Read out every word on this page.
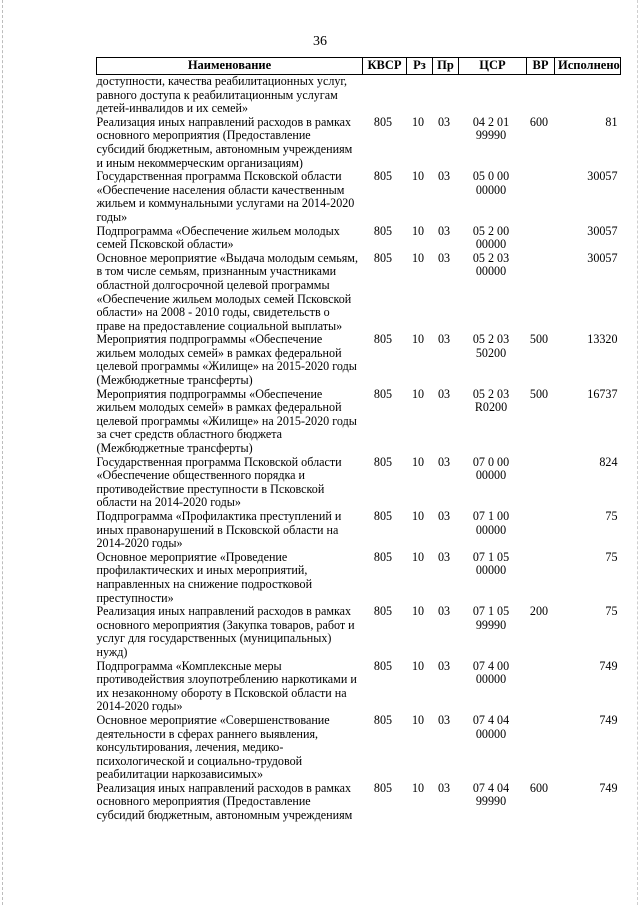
36
Наименование	КВСР	Рз	Пр	ЦСР	ВР	Исполнено
доступности, качества реабилитационных услуг, равного доступа к реабилитационным услугам детей-инвалидов и их семей»						
Реализация иных направлений расходов в рамках основного мероприятия (Предоставление субсидий бюджетным, автономным учреждениям и иным некоммерческим организациям)	805	10	03	04 2 01 99990	600	81
Государственная программа Псковской области «Обеспечение населения области качественным жильем и коммунальными услугами на 2014-2020 годы»	805	10	03	05 0 00 00000		30057
Подпрограмма «Обеспечение жильем молодых семей Псковской области»	805	10	03	05 2 00 00000		30057
Основное мероприятие «Выдача молодым семьям, в том числе семьям, признанным участниками областной долгосрочной целевой программы «Обеспечение жильем молодых семей Псковской области» на 2008 - 2010 годы, свидетельств о праве на предоставление социальной выплаты»	805	10	03	05 2 03 00000		30057
Мероприятия подпрограммы «Обеспечение жильем молодых семей» в рамках федеральной целевой программы «Жилище» на 2015-2020 годы (Межбюджетные трансферты)	805	10	03	05 2 03 50200	500	13320
Мероприятия подпрограммы «Обеспечение жильем молодых семей» в рамках федеральной целевой программы «Жилище» на 2015-2020 годы за счет средств областного бюджета (Межбюджетные трансферты)	805	10	03	05 2 03 R0200	500	16737
Государственная программа Псковской области «Обеспечение общественного порядка и противодействие преступности в Псковской области на 2014-2020 годы»	805	10	03	07 0 00 00000		824
Подпрограмма «Профилактика преступлений и иных правонарушений в Псковской области на 2014-2020 годы»	805	10	03	07 1 00 00000		75
Основное мероприятие «Проведение профилактических и иных мероприятий, направленных на снижение подростковой преступности»	805	10	03	07 1 05 00000		75
Реализация иных направлений расходов в рамках основного мероприятия (Закупка товаров, работ и услуг для государственных (муниципальных) нужд)	805	10	03	07 1 05 99990	200	75
Подпрограмма «Комплексные меры противодействия злоупотреблению наркотиками и их незаконному обороту в Псковской области на 2014-2020 годы»	805	10	03	07 4 00 00000		749
Основное мероприятие «Совершенствование деятельности в сферах раннего выявления, консультирования, лечения, медико-психологической и социально-трудовой реабилитации наркозависимых»	805	10	03	07 4 04 00000		749
Реализация иных направлений расходов в рамках основного мероприятия (Предоставление субсидий бюджетным, автономным учреждениям	805	10	03	07 4 04 99990	600	749
